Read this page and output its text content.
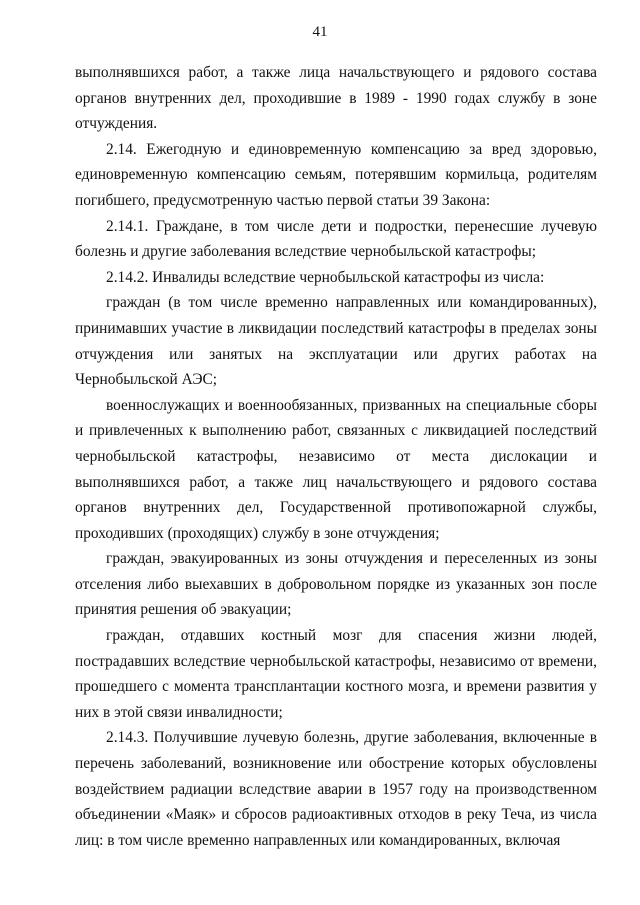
41

выполнявшихся работ, а также лица начальствующего и рядового состава органов внутренних дел, проходившие в 1989 - 1990 годах службу в зоне отчуждения.

2.14. Ежегодную и единовременную компенсацию за вред здоровью, единовременную компенсацию семьям, потерявшим кормильца, родителям погибшего, предусмотренную частью первой статьи 39 Закона:

2.14.1. Граждане, в том числе дети и подростки, перенесшие лучевую болезнь и другие заболевания вследствие чернобыльской катастрофы;

2.14.2. Инвалиды вследствие чернобыльской катастрофы из числа:

граждан (в том числе временно направленных или командированных), принимавших участие в ликвидации последствий катастрофы в пределах зоны отчуждения или занятых на эксплуатации или других работах на Чернобыльской АЭС;

военнослужащих и военнообязанных, призванных на специальные сборы и привлеченных к выполнению работ, связанных с ликвидацией последствий чернобыльской катастрофы, независимо от места дислокации и выполнявшихся работ, а также лиц начальствующего и рядового состава органов внутренних дел, Государственной противопожарной службы, проходивших (проходящих) службу в зоне отчуждения;

граждан, эвакуированных из зоны отчуждения и переселенных из зоны отселения либо выехавших в добровольном порядке из указанных зон после принятия решения об эвакуации;

граждан, отдавших костный мозг для спасения жизни людей, пострадавших вследствие чернобыльской катастрофы, независимо от времени, прошедшего с момента трансплантации костного мозга, и времени развития у них в этой связи инвалидности;

2.14.3. Получившие лучевую болезнь, другие заболевания, включенные в перечень заболеваний, возникновение или обострение которых обусловлены воздействием радиации вследствие аварии в 1957 году на производственном объединении «Маяк» и сбросов радиоактивных отходов в реку Теча, из числа лиц: в том числе временно направленных или командированных, включая
